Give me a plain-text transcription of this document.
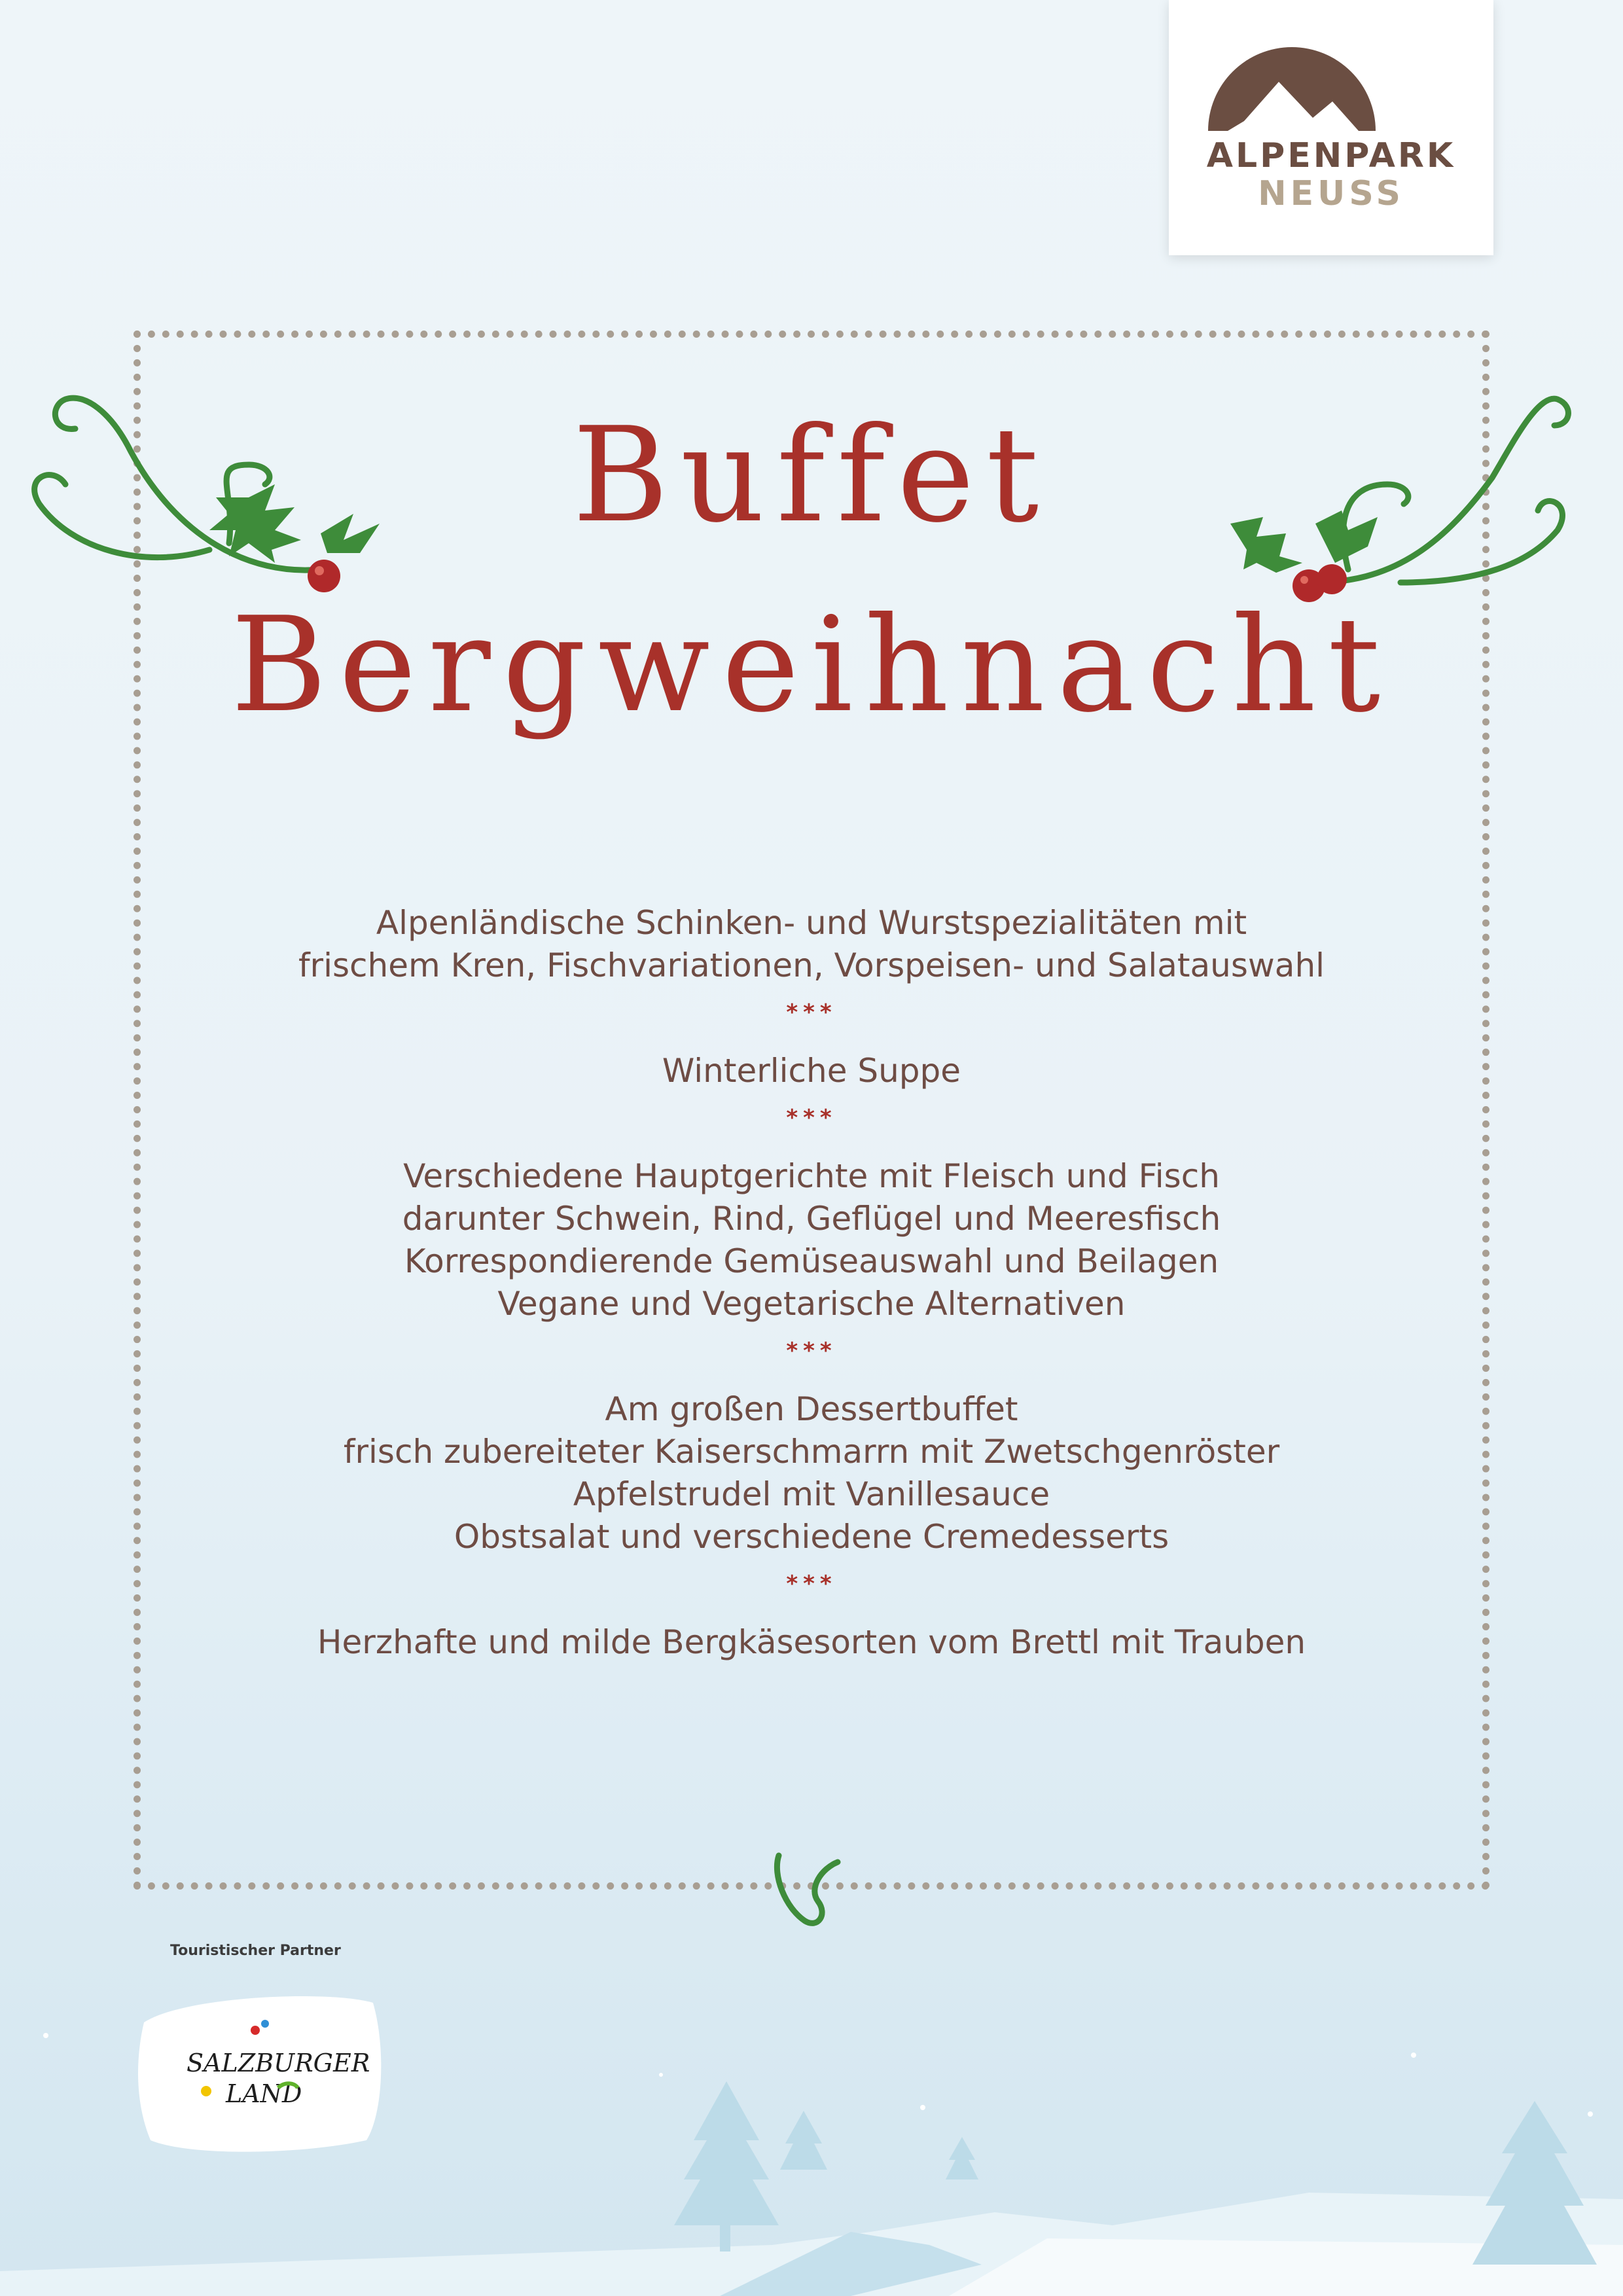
ALPENPARK
NEUSS
Buffet
Bergweihnacht
Alpenländische Schinken- und Wurstspezialitäten mit
frischem Kren, Fischvariationen, Vorspeisen- und Salatauswahl
***
Winterliche Suppe
***
Verschiedene Hauptgerichte mit Fleisch und Fisch
darunter Schwein, Rind, Geflügel und Meeresfisch
Korrespondierende Gemüseauswahl und Beilagen
Vegane und Vegetarische Alternativen
***
Am großen Dessertbuffet
frisch zubereiteter Kaiserschmarrn mit Zwetschgenröster
Apfelstrudel mit Vanillesauce
Obstsalat und verschiedene Cremedesserts
***
Herzhafte und milde Bergkäsesorten vom Brettl mit Trauben
Touristischer Partner
SALZBURGER
LAND
